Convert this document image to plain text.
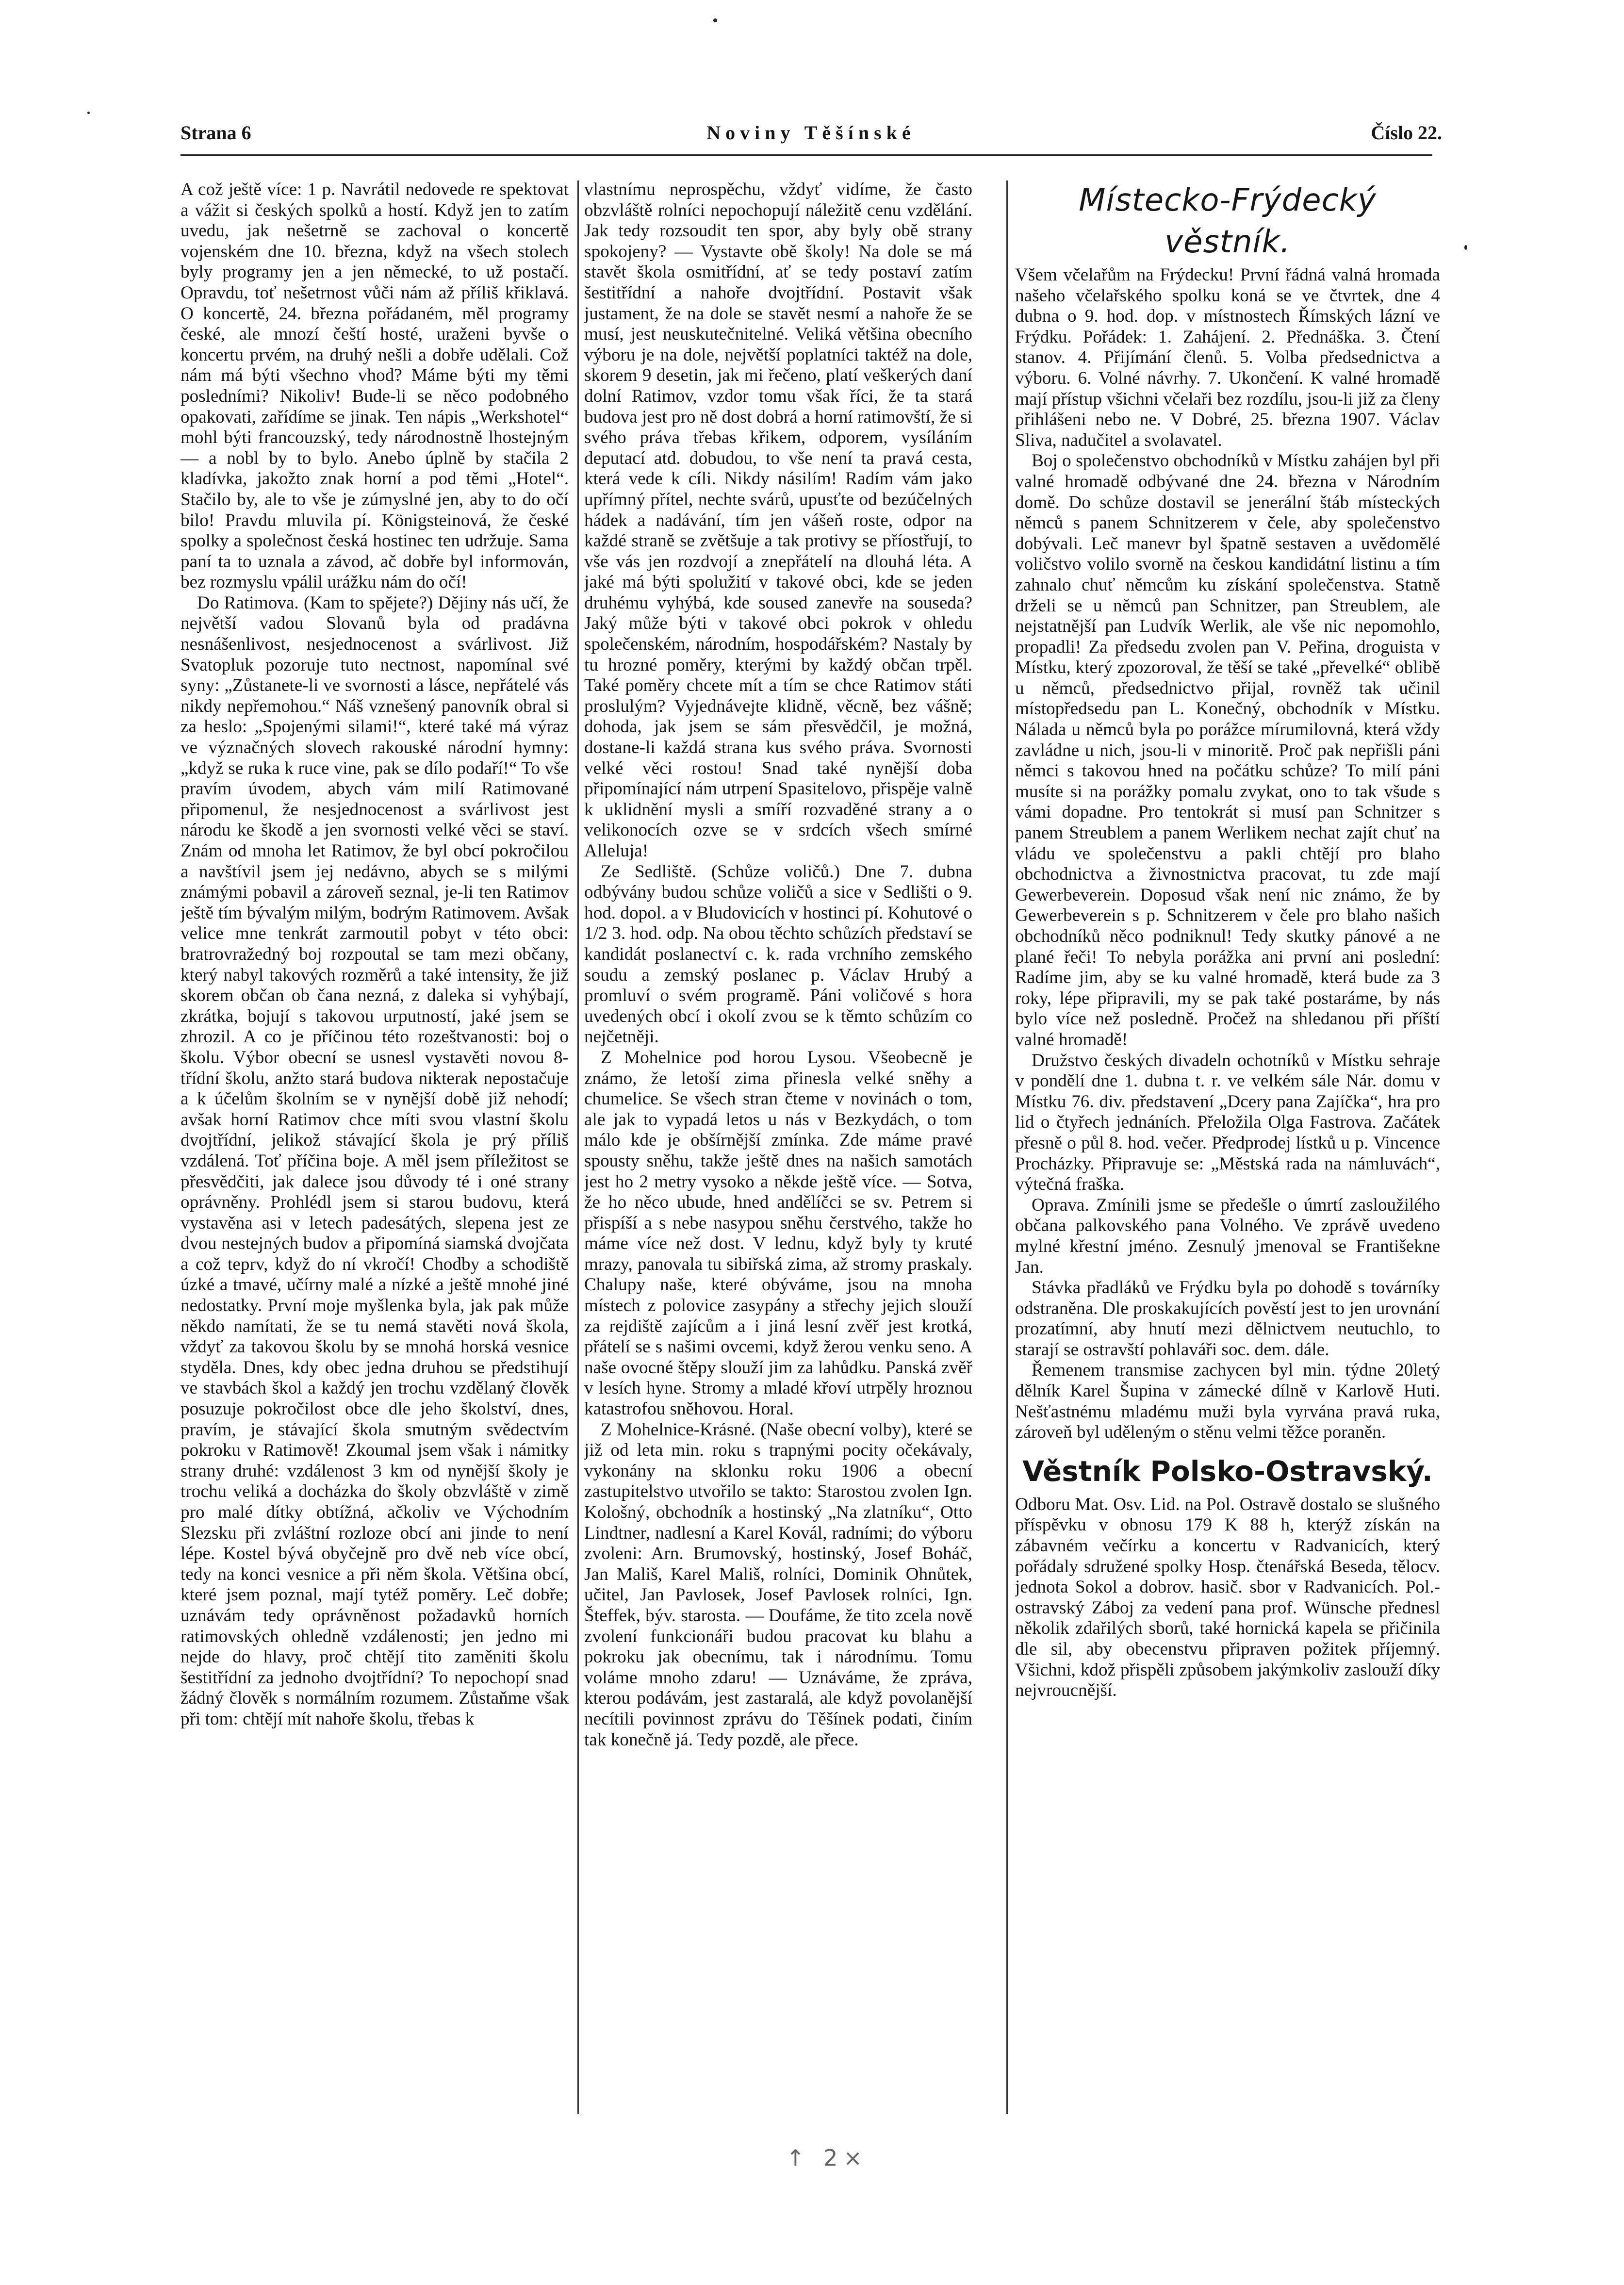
Strana 6	Noviny Těšínské	Číslo 22.

A což ještě více: 1 p. Navrátil nedovede re spektovat a vážit si českých spolků a hostí. Když jen to zatím uvedu, jak nešetrně se zachoval o koncertě vojenském dne 10. března, když na všech stolech byly programy jen a jen německé, to už postačí. Opravdu, toť nešetrnost vůči nám až příliš křiklavá. O koncertě, 24. března pořádaném, měl programy české, ale mnozí čeští hosté, uraženi byvše o koncertu prvém, na druhý nešli a dobře udělali. Což nám má býti všechno vhod? Máme býti my těmi posledními? Nikoliv! Bude-li se něco podobného opakovati, zařídíme se jinak. Ten nápis „Werkshotel“ mohl býti francouzský, tedy národnostně lhostejným — a nobl by to bylo. Anebo úplně by stačila 2 kladívka, jakožto znak horní a pod těmi „Hotel“. Stačilo by, ale to vše je zúmyslné jen, aby to do očí bilo! Pravdu mluvila pí. Königsteinová, že české spolky a společnost česká hostinec ten udržuje. Sama paní ta to uznala a závod, ač dobře byl informován, bez rozmyslu vpálil urážku nám do očí!

Do Ratimova. (Kam to spějete?) Dějiny nás učí, že největší vadou Slovanů byla od pradávna nesnášenlivost, nesjednocenost a svárlivost. Již Svatopluk pozoruje tuto nectnost, napomínal své syny: „Zůstanete-li ve svornosti a lásce, nepřátelé vás nikdy nepřemohou.“ Náš vznešený panovník obral si za heslo: „Spojenými silami!“, které také má výraz ve význačných slovech rakouské národní hymny: „když se ruka k ruce vine, pak se dílo podaří!“ To vše pravím úvodem, abych vám milí Ratimované připomenul, že nesjednocenost a svárlivost jest národu ke škodě a jen svornosti velké věci se staví. Znám od mnoha let Ratimov, že byl obcí pokročilou a navštívil jsem jej nedávno, abych se s milými známými pobavil a zároveň seznal, je-li ten Ratimov ještě tím bývalým milým, bodrým Ratimovem. Avšak velice mne tenkrát zarmoutil pobyt v této obci: bratrovražedný boj rozpoutal se tam mezi občany, který nabyl takových rozměrů a také intensity, že již skorem občan ob čana nezná, z daleka si vyhýbají, zkrátka, bojují s takovou urputností, jaké jsem se zhrozil. A co je příčinou této rozeštvanosti: boj o školu. Výbor obecní se usnesl vystavěti novou 8-třídní školu, anžto stará budova nikterak nepostačuje a k účelům školním se v nynější době již nehodí; avšak horní Ratimov chce míti svou vlastní školu dvojtřídní, jelikož stávající škola je prý příliš vzdálená. Toť příčina boje. A měl jsem příležitost se přesvědčiti, jak dalece jsou důvody té i oné strany oprávněny. Prohlédl jsem si starou budovu, která vystavěna asi v letech padesátých, slepena jest ze dvou nestejných budov a připomíná siamská dvojčata a což teprv, když do ní vkročí! Chodby a schodiště úzké a tmavé, učírny malé a nízké a ještě mnohé jiné nedostatky. První moje myšlenka byla, jak pak může někdo namítati, že se tu nemá stavěti nová škola, vždyť za takovou školu by se mnohá horská vesnice styděla. Dnes, kdy obec jedna druhou se předstihují ve stavbách škol a každý jen trochu vzdělaný člověk posuzuje pokročilost obce dle jeho školství, dnes, pravím, je stávající škola smutným svědectvím pokroku v Ratimově! Zkoumal jsem však i námitky strany druhé: vzdálenost 3 km od nynější školy je trochu veliká a docházka do školy obzvláště v zimě pro malé dítky obtížná, ačkoliv ve Východním Slezsku při zvláštní rozloze obcí ani jinde to není lépe. Kostel bývá obyčejně pro dvě neb více obcí, tedy na konci vesnice a při něm škola. Většina obcí, které jsem poznal, mají tytéž poměry. Leč dobře; uznávám tedy oprávněnost požadavků horních ratimovských ohledně vzdálenosti; jen jedno mi nejde do hlavy, proč chtějí tito zaměniti školu šestitřídní za jednoho dvojtřídní? To nepochopí snad žádný člověk s normálním rozumem. Zůstaňme však při tom: chtějí mít nahoře školu, třebas k

vlastnímu neprospěchu, vždyť vidíme, že často obzvláště rolníci nepochopují náležitě cenu vzdělání. Jak tedy rozsoudit ten spor, aby byly obě strany spokojeny? — Vystavte obě školy! Na dole se má stavět škola osmitřídní, ať se tedy postaví zatím šestitřídní a nahoře dvojtřídní. Postavit však justament, že na dole se stavět nesmí a nahoře že se musí, jest neuskutečnitelné. Veliká většina obecního výboru je na dole, největší poplatníci taktéž na dole, skorem 9 desetin, jak mi řečeno, platí veškerých daní dolní Ratimov, vzdor tomu však říci, že ta stará budova jest pro ně dost dobrá a horní ratimovští, že si svého práva třebas křikem, odporem, vysíláním deputací atd. dobudou, to vše není ta pravá cesta, která vede k cíli. Nikdy násilím! Radím vám jako upřímný přítel, nechte svárů, upusťte od bezúčelných hádek a nadávání, tím jen vášeň roste, odpor na každé straně se zvětšuje a tak protivy se příostřují, to vše vás jen rozdvojí a znepřátelí na dlouhá léta. A jaké má býti spolužití v takové obci, kde se jeden druhému vyhýbá, kde soused zanevře na souseda? Jaký může býti v takové obci pokrok v ohledu společenském, národním, hospodářském? Nastaly by tu hrozné poměry, kterými by každý občan trpěl. Také poměry chcete mít a tím se chce Ratimov státi proslulým? Vyjednávejte klidně, věcně, bez vášně; dohoda, jak jsem se sám přesvědčil, je možná, dostane-li každá strana kus svého práva. Svornosti velké věci rostou! Snad také nynější doba připomínající nám utrpení Spasitelovo, přispěje valně k uklidnění mysli a smíří rozvaděné strany a o velikonocích ozve se v srdcích všech smírné Alleluja!

Ze Sedliště. (Schůze voličů.) Dne 7. dubna odbývány budou schůze voličů a sice v Sedlišti o 9. hod. dopol. a v Bludovicích v hostinci pí. Kohutové o 1/2 3. hod. odp. Na obou těchto schůzích představí se kandidát poslanectví c. k. rada vrchního zemského soudu a zemský poslanec p. Václav Hrubý a promluví o svém programě. Páni voličové s hora uvedených obcí i okolí zvou se k těmto schůzím co nejčetněji.

Z Mohelnice pod horou Lysou. Všeobecně je známo, že letoší zima přinesla velké sněhy a chumelice. Se všech stran čteme v novinách o tom, ale jak to vypadá letos u nás v Bezkydách, o tom málo kde je obšírnější zmínka. Zde máme pravé spousty sněhu, takže ještě dnes na našich samotách jest ho 2 metry vysoko a někde ještě více. — Sotva, že ho něco ubude, hned andělíčci se sv. Petrem si přispíší a s nebe nasypou sněhu čerstvého, takže ho máme více než dost. V lednu, když byly ty kruté mrazy, panovala tu sibiřská zima, až stromy praskaly. Chalupy naše, které obýváme, jsou na mnoha místech z polovice zasypány a střechy jejich slouží za rejdiště zajícům a i jiná lesní zvěř jest krotká, přátelí se s našimi ovcemi, když žerou venku seno. A naše ovocné štěpy slouží jim za lahůdku. Panská zvěř v lesích hyne. Stromy a mladé křoví utrpěly hroznou katastrofou sněhovou. Horal.

Z Mohelnice-Krásné. (Naše obecní volby), které se již od leta min. roku s trapnými pocity očekávaly, vykonány na sklonku roku 1906 a obecní zastupitelstvo utvořilo se takto: Starostou zvolen Ign. Kološný, obchodník a hostinský „Na zlatníku“, Otto Lindtner, nadlesní a Karel Kovál, radními; do výboru zvoleni: Arn. Brumovský, hostinský, Josef Boháč, Jan Mališ, Karel Mališ, rolníci, Dominik Ohnůtek, učitel, Jan Pavlosek, Josef Pavlosek rolníci, Ign. Šteffek, býv. starosta. — Doufáme, že tito zcela nově zvolení funkcionáři budou pracovat ku blahu a pokroku jak obecnímu, tak i národnímu. Tomu voláme mnoho zdaru! — Uznáváme, že zpráva, kterou podávám, jest zastaralá, ale když povolanější necítili povinnost zprávu do Těšínek podati, činím tak konečně já. Tedy pozdě, ale přece.

Místecko-Frýdecký věstník.

Všem včelařům na Frýdecku! První řádná valná hromada našeho včelařského spolku koná se ve čtvrtek, dne 4 dubna o 9. hod. dop. v místnostech Římských lázní ve Frýdku. Pořádek: 1. Zahájení. 2. Přednáška. 3. Čtení stanov. 4. Přijímání členů. 5. Volba předsednictva a výboru. 6. Volné návrhy. 7. Ukončení. K valné hromadě mají přístup všichni včelaři bez rozdílu, jsou-li již za členy přihlášeni nebo ne. V Dobré, 25. března 1907. Václav Sliva, nadučitel a svolavatel.

Boj o společenstvo obchodníků v Místku zahájen byl při valné hromadě odbývané dne 24. března v Národním domě. Do schůze dostavil se jenerální štáb místeckých němců s panem Schnitzerem v čele, aby společenstvo dobývali. Leč manevr byl špatně sestaven a uvědomělé voličstvo volilo svorně na českou kandidátní listinu a tím zahnalo chuť němcům ku získání společenstva. Statně drželi se u němců pan Schnitzer, pan Streublem, ale nejstatnější pan Ludvík Werlik, ale vše nic nepomohlo, propadli! Za předsedu zvolen pan V. Peřina, droguista v Místku, který zpozoroval, že těší se také „převelké“ oblibě u němců, předsednictvo přijal, rovněž tak učinil místopředsedu pan L. Konečný, obchodník v Místku. Nálada u němců byla po porážce mírumilovná, která vždy zavládne u nich, jsou-li v minoritě. Proč pak nepřišli páni němci s takovou hned na počátku schůze? To milí páni musíte si na porážky pomalu zvykat, ono to tak všude s vámi dopadne. Pro tentokrát si musí pan Schnitzer s panem Streublem a panem Werlikem nechat zajít chuť na vládu ve společenstvu a pakli chtějí pro blaho obchodnictva a živnostnictva pracovat, tu zde mají Gewerbeverein. Doposud však není nic známo, že by Gewerbeverein s p. Schnitzerem v čele pro blaho našich obchodníků něco podniknul! Tedy skutky pánové a ne plané řeči! To nebyla porážka ani první ani poslední: Radíme jim, aby se ku valné hromadě, která bude za 3 roky, lépe připravili, my se pak také postaráme, by nás bylo více než posledně. Pročež na shledanou při příští valné hromadě!

Družstvo českých divadeln ochotníků v Místku sehraje v pondělí dne 1. dubna t. r. ve velkém sále Nár. domu v Místku 76. div. představení „Dcery pana Zajíčka“, hra pro lid o čtyřech jednáních. Přeložila Olga Fastrova. Začátek přesně o půl 8. hod. večer. Předprodej lístků u p. Vincence Procházky. Připravuje se: „Městská rada na námluvách“, výtečná fraška.

Oprava. Zmínili jsme se předešle o úmrtí zasloužilého občana palkovského pana Volného. Ve zprávě uvedeno mylné křestní jméno. Zesnulý jmenoval se Františekne Jan.

Stávka přadláků ve Frýdku byla po dohodě s továrníky odstraněna. Dle proskakujících pověstí jest to jen urovnání prozatímní, aby hnutí mezi dělnictvem neutuchlo, to starají se ostravští pohlaváři soc. dem. dále.

Řemenem transmise zachycen byl min. týdne 20letý dělník Karel Šupina v zámecké dílně v Karlově Huti. Nešťastnému mladému muži byla vyrvána pravá ruka, zároveň byl uděleným o stěnu velmi těžce poraněn.

Věstník Polsko-Ostravský.

Odboru Mat. Osv. Lid. na Pol. Ostravě dostalo se slušného příspěvku v obnosu 179 K 88 h, kterýž získán na zábavném večírku a koncertu v Radvanicích, který pořádaly sdružené spolky Hosp. čtenářská Beseda, tělocv. jednota Sokol a dobrov. hasič. sbor v Radvanicích. Pol.-ostravský Záboj za vedení pana prof. Wünsche přednesl několik zdařilých sborů, také hornická kapela se přičinila dle sil, aby obecenstvu připraven požitek příjemný. Všichni, kdož přispěli způsobem jakýmkoliv zaslouží díky nejvroucnější.

↑ 2×
